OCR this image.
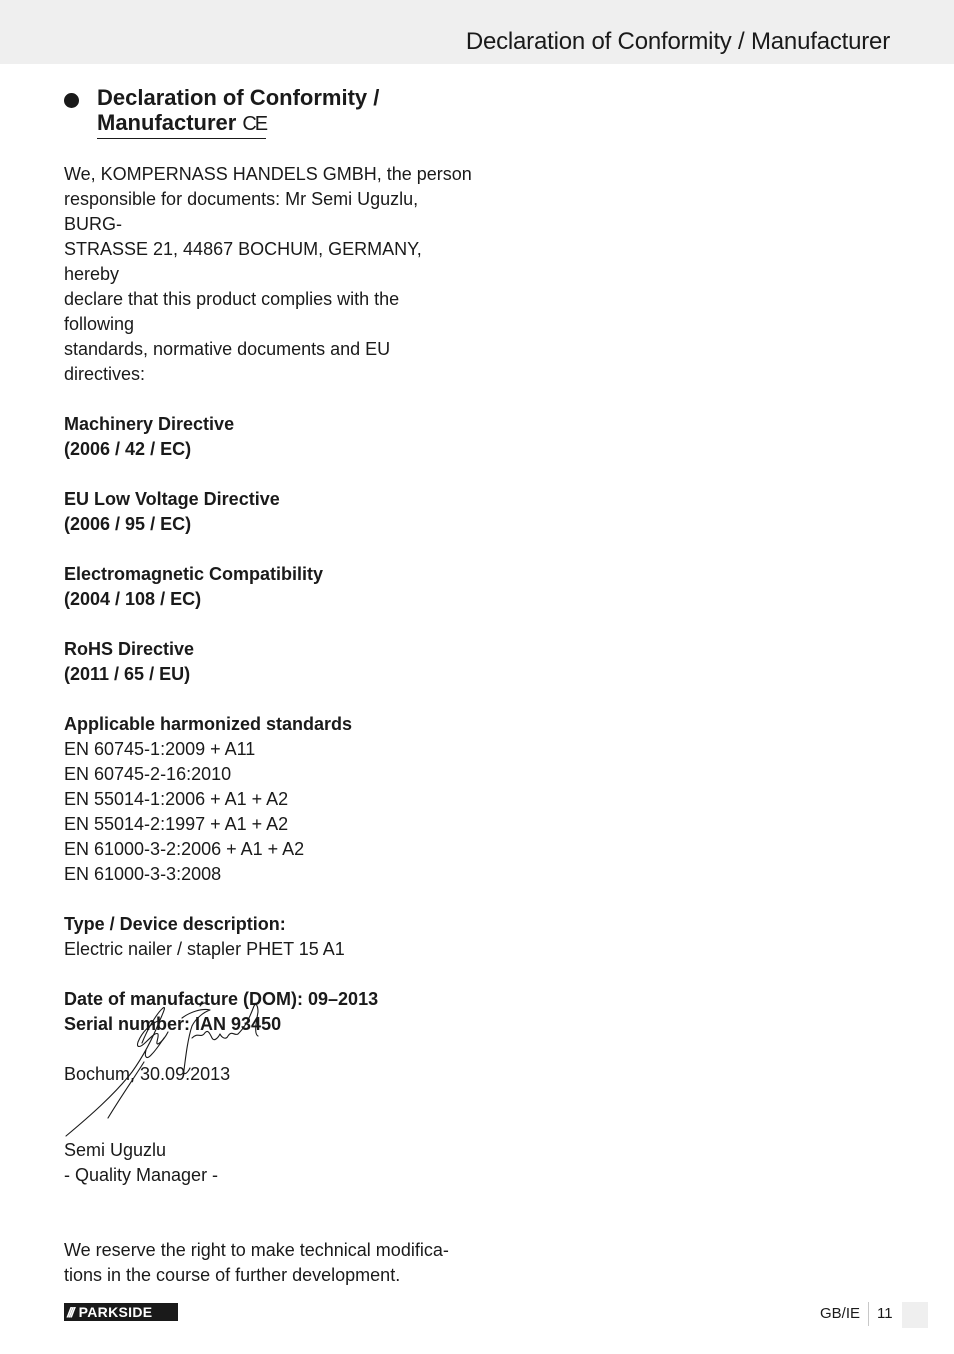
Declaration of Conformity / Manufacturer
Declaration of Conformity /
Manufacturer CE

We, KOMPERNASS HANDELS GMBH, the person

responsible for documents: Mr Semi Uguzlu, BURG-

STRASSE 21, 44867 BOCHUM, GERMANY, hereby

declare that this product complies with the following

standards, normative documents and EU directives:

Machinery Directive

(2006 / 42 / EC)

EU Low Voltage Directive

(2006 / 95 / EC)

Electromagnetic Compatibility

(2004 / 108 / EC)

RoHS Directive

(2011 / 65 / EU)

Applicable harmonized standards

EN 60745-1:2009 + A11

EN 60745-2-16:2010

EN 55014-1:2006 + A1 + A2

EN 55014-2:1997 + A1 + A2

EN 61000-3-2:2006 + A1 + A2

EN 61000-3-3:2008

Type / Device description:

Electric nailer / stapler PHET 15 A1

Date of manufacture (DOM): 09–2013

Serial number: IAN 93450

Bochum, 30.09.2013

Semi Uguzlu
- Quality Manager -
We reserve the right to make technical modifica-
tions in the course of further development.
/// PARKSIDE	GB/IE 11
